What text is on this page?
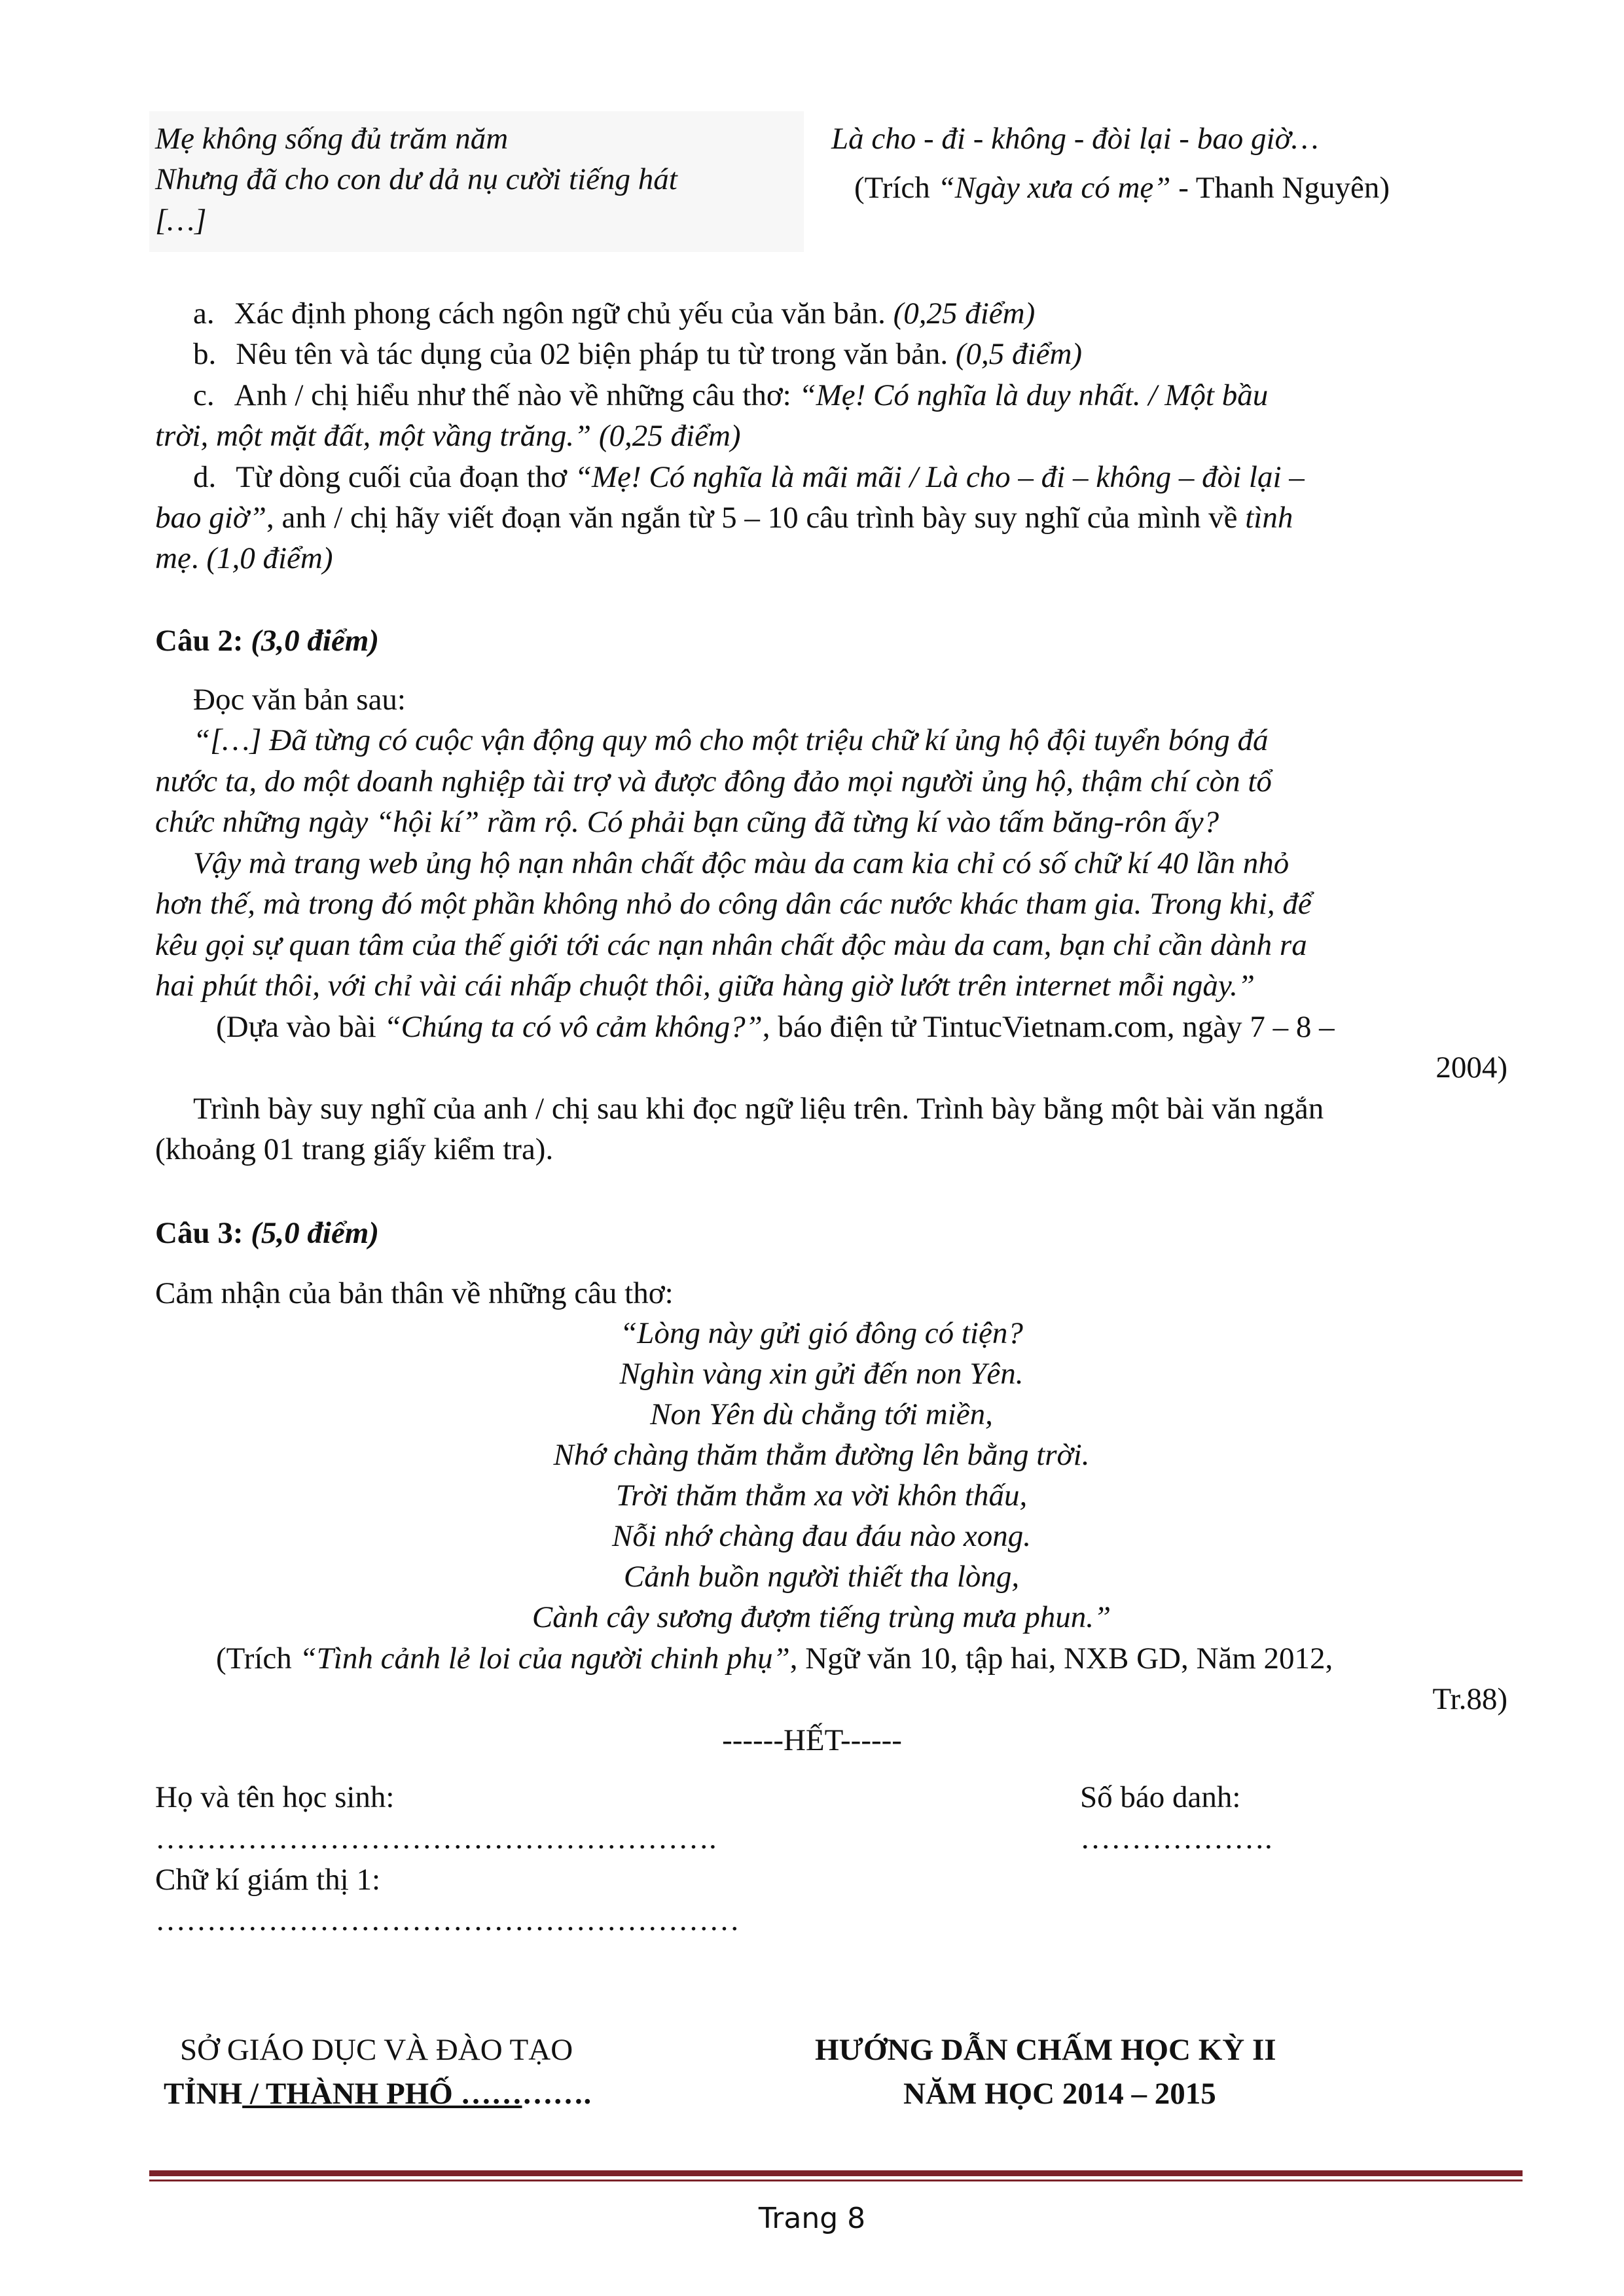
Mẹ không sống đủ trăm năm
Nhưng đã cho con dư dả nụ cười tiếng hát
[…]
Là cho - đi - không - đòi lại - bao giờ…
(Trích “Ngày xưa có mẹ” - Thanh Nguyên)
a. Xác định phong cách ngôn ngữ chủ yếu của văn bản. (0,25 điểm)
b. Nêu tên và tác dụng của 02 biện pháp tu từ trong văn bản. (0,5 điểm)
c. Anh / chị hiểu như thế nào về những câu thơ: “Mẹ! Có nghĩa là duy nhất. / Một bầu
trời, một mặt đất, một vầng trăng.” (0,25 điểm)
d. Từ dòng cuối của đoạn thơ “Mẹ! Có nghĩa là mãi mãi / Là cho – đi – không – đòi lại –
bao giờ”, anh / chị hãy viết đoạn văn ngắn từ 5 – 10 câu trình bày suy nghĩ của mình về tình
mẹ. (1,0 điểm)
Câu 2: (3,0 điểm)
Đọc văn bản sau:
“[…] Đã từng có cuộc vận động quy mô cho một triệu chữ kí ủng hộ đội tuyển bóng đá
nước ta, do một doanh nghiệp tài trợ và được đông đảo mọi người ủng hộ, thậm chí còn tổ
chức những ngày “hội kí” rầm rộ. Có phải bạn cũng đã từng kí vào tấm băng-rôn ấy?
Vậy mà trang web ủng hộ nạn nhân chất độc màu da cam kia chỉ có số chữ kí 40 lần nhỏ
hơn thế, mà trong đó một phần không nhỏ do công dân các nước khác tham gia. Trong khi, để
kêu gọi sự quan tâm của thế giới tới các nạn nhân chất độc màu da cam, bạn chỉ cần dành ra
hai phút thôi, với chỉ vài cái nhấp chuột thôi, giữa hàng giờ lướt trên internet mỗi ngày.”
(Dựa vào bài “Chúng ta có vô cảm không?”, báo điện tử TintucVietnam.com, ngày 7 – 8 –
2004)
Trình bày suy nghĩ của anh / chị sau khi đọc ngữ liệu trên. Trình bày bằng một bài văn ngắn
(khoảng 01 trang giấy kiểm tra).
Câu 3: (5,0 điểm)
Cảm nhận của bản thân về những câu thơ:
“Lòng này gửi gió đông có tiện?
Nghìn vàng xin gửi đến non Yên.
Non Yên dù chẳng tới miền,
Nhớ chàng thăm thẳm đường lên bằng trời.
Trời thăm thẳm xa vời khôn thấu,
Nỗi nhớ chàng đau đáu nào xong.
Cảnh buồn người thiết tha lòng,
Cành cây sương đượm tiếng trùng mưa phun.”
(Trích “Tình cảnh lẻ loi của người chinh phụ”, Ngữ văn 10, tập hai, NXB GD, Năm 2012,
Tr.88)
------HẾT------
Họ và tên học sinh:
……………………………………………….
Số báo danh:
……………….
Chữ kí giám thị 1:
…………………………………………………
SỞ GIÁO DỤC VÀ ĐÀO TẠO
TỈNH / THÀNH PHỐ ………….
HƯỚNG DẪN CHẤM HỌC KỲ II
NĂM HỌC 2014 – 2015
Trang 8
